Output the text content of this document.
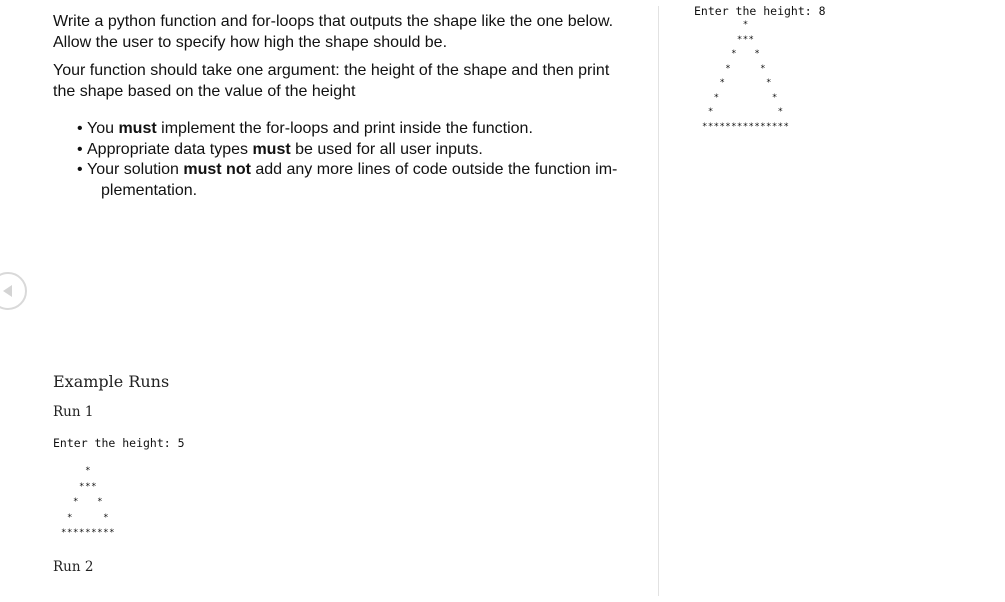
Write a python function and for-loops that outputs the shape like the one below. Allow the user to specify how high the shape should be.

Your function should take one argument: the height of the shape and then print the shape based on the value of the height

• You must implement the for-loops and print inside the function.
• Appropriate data types must be used for all user inputs.
• Your solution must not add any more lines of code outside the function im-
plementation.
Example Runs
Run 1
Enter the height: 5
*
***
*   *
*     *
*********
Run 2
Enter the height: 8
*
***
*   *
*     *
*       *
*         *
*           *
***************
